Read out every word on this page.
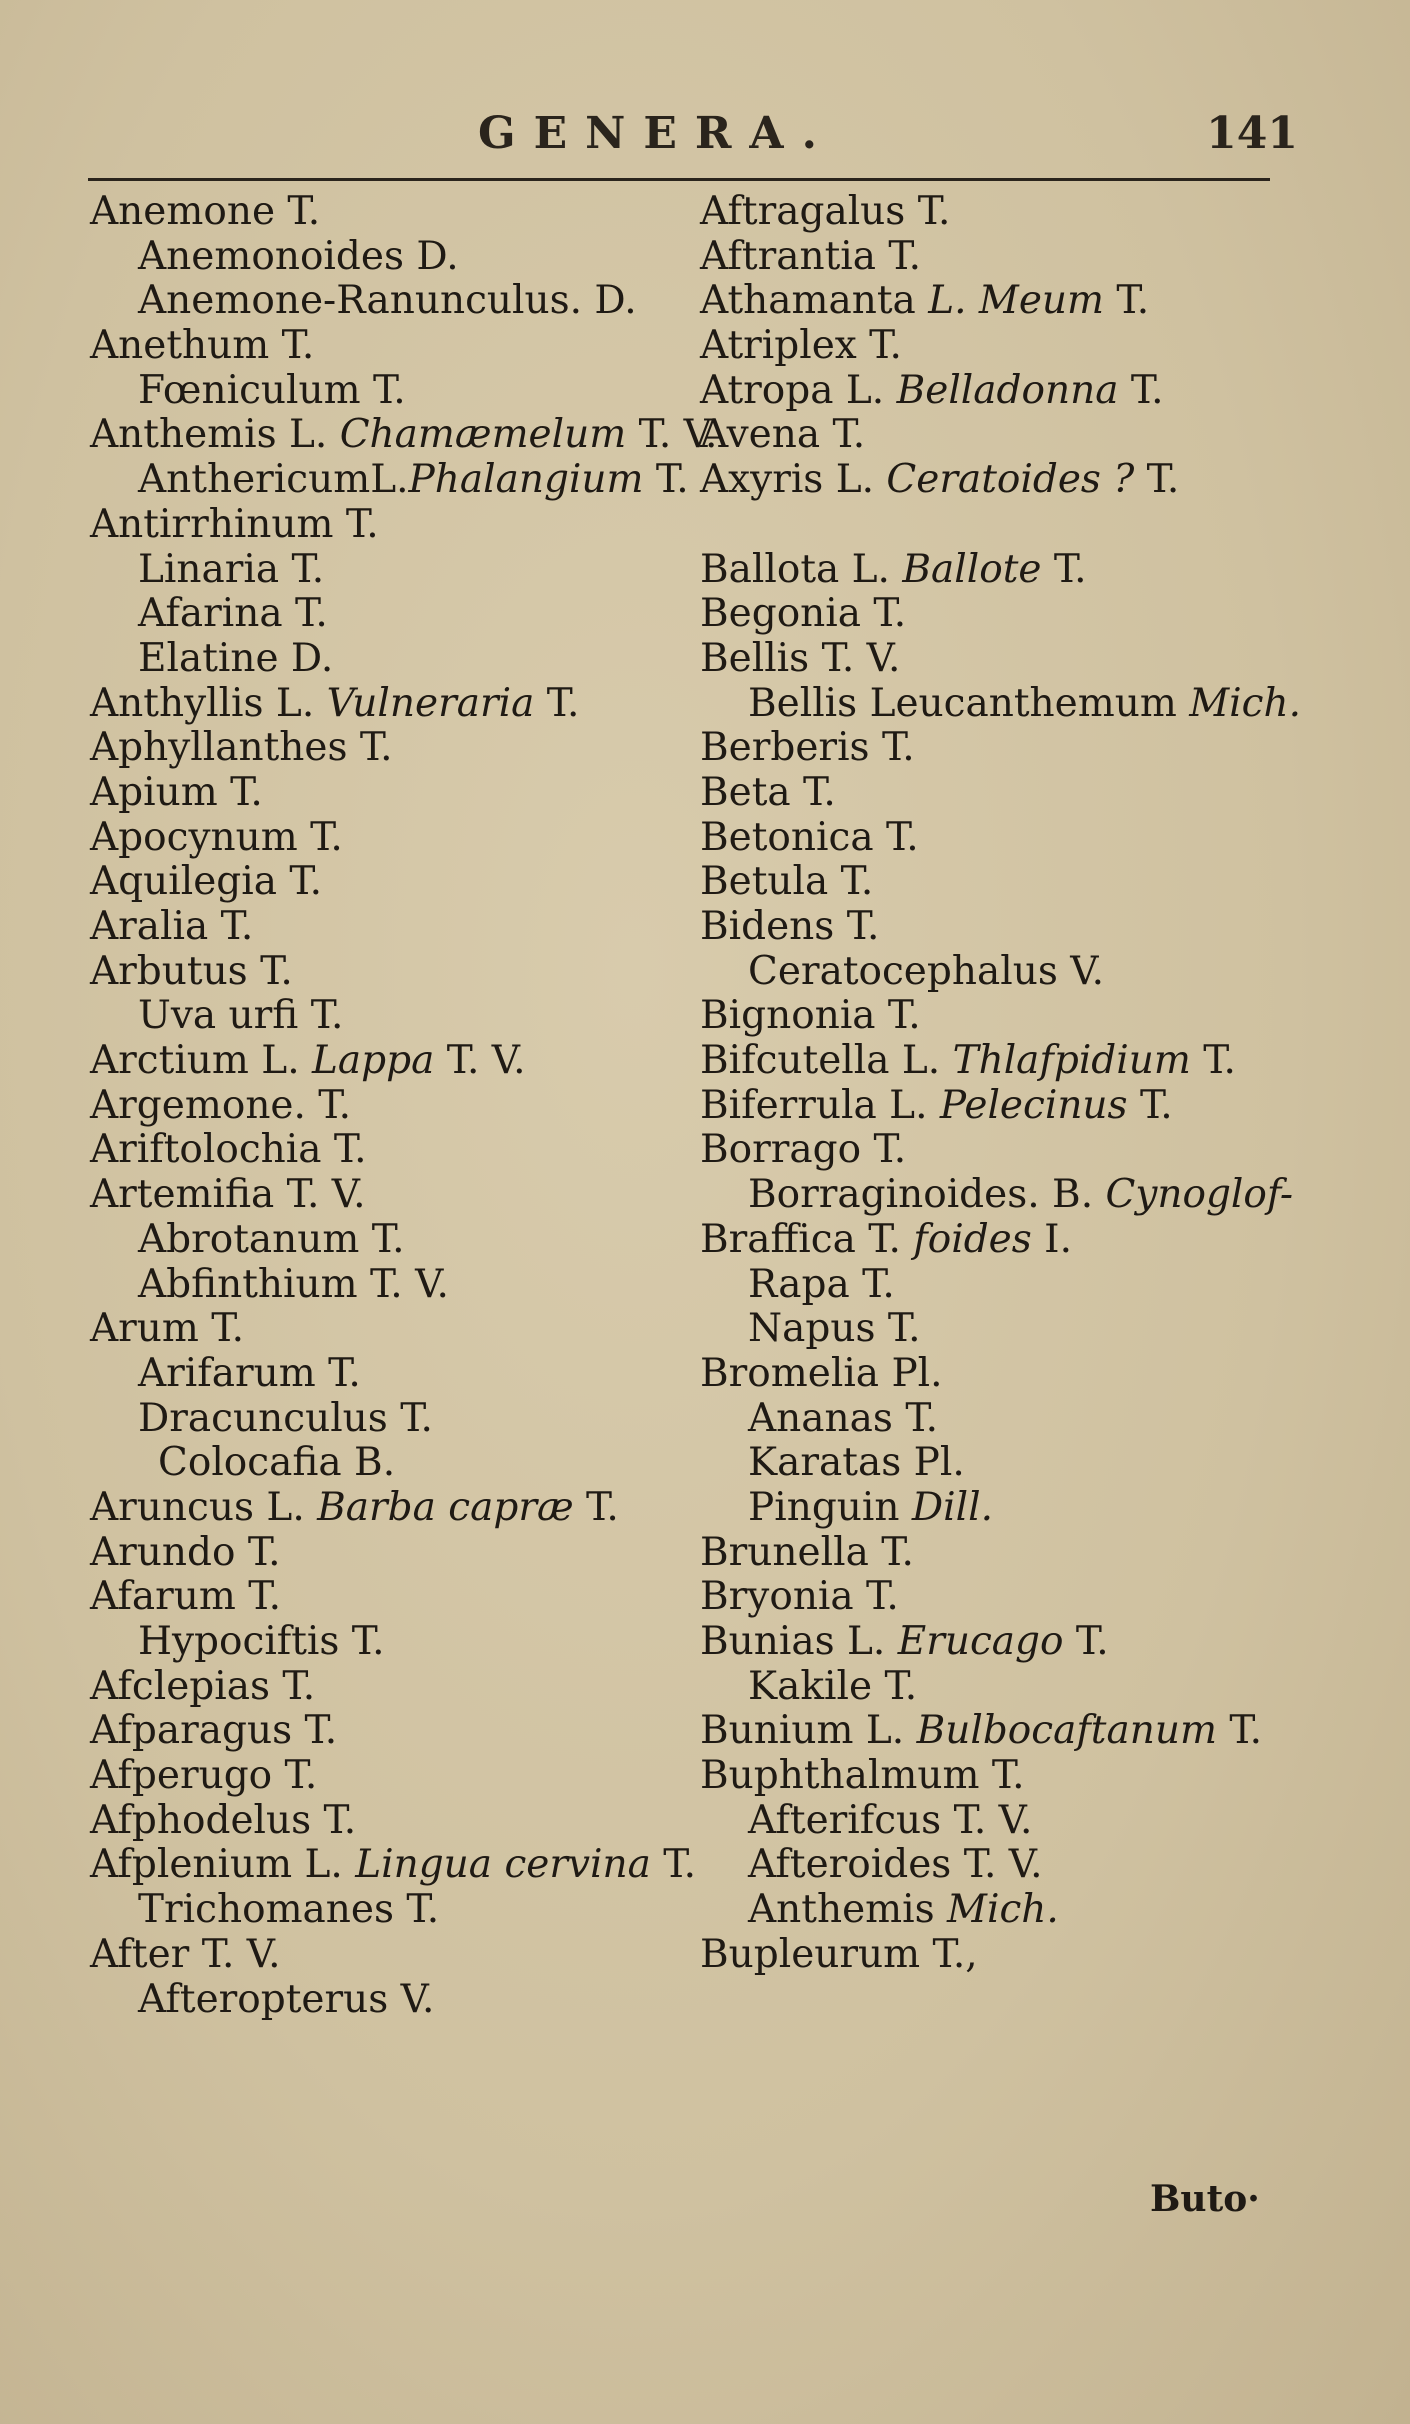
GENERA.	141
Anemone T.
Anemonoides D.
Anemone-Ranunculus. D.
Anethum T.
Fœniculum T.
Anthemis L. Chamæmelum T. V.
AnthericumL.Phalangium T.
Antirrhinum T.
Linaria T.
Afarina T.
Elatine D.
Anthyllis L. Vulneraria T.
Aphyllanthes T.
Apium T.
Apocynum T.
Aquilegia T.
Aralia T.
Arbutus T.
Uva urfi T.
Arctium L. Lappa T. V.
Argemone. T.
Ariftolochia T.
Artemifia T. V.
Abrotanum T.
Abfinthium T. V.
Arum T.
Arifarum T.
Dracunculus T.
Colocafia B.
Aruncus L. Barba capræ T.
Arundo T.
Afarum T.
Hypociftis T.
Afclepias T.
Afparagus T.
Afperugo T.
Afphodelus T.
Afplenium L. Lingua cervina T.
Trichomanes T.
After T. V.
Afteropterus V.
Aftragalus T.
Aftrantia T.
Athamanta L. Meum T.
Atriplex T.
Atropa L. Belladonna T.
Avena T.
Axyris L. Ceratoides ? T.
Ballota L. Ballote T.
Begonia T.
Bellis T. V.
Bellis Leucanthemum Mich.
Berberis T.
Beta T.
Betonica T.
Betula T.
Bidens T.
Ceratocephalus V.
Bignonia T.
Bifcutella L. Thlafpidium T.
Biferrula L. Pelecinus T.
Borrago T.
Borraginoides. B. Cynoglof-
Braffica T. foides I.
Rapa T.
Napus T.
Bromelia Pl.
Ananas T.
Karatas Pl.
Pinguin Dill.
Brunella T.
Bryonia T.
Bunias L. Erucago T.
Kakile T.
Bunium L. Bulbocaftanum T.
Buphthalmum T.
Afterifcus T. V.
Afteroides T. V.
Anthemis Mich.
Bupleurum T.,
Buto·
